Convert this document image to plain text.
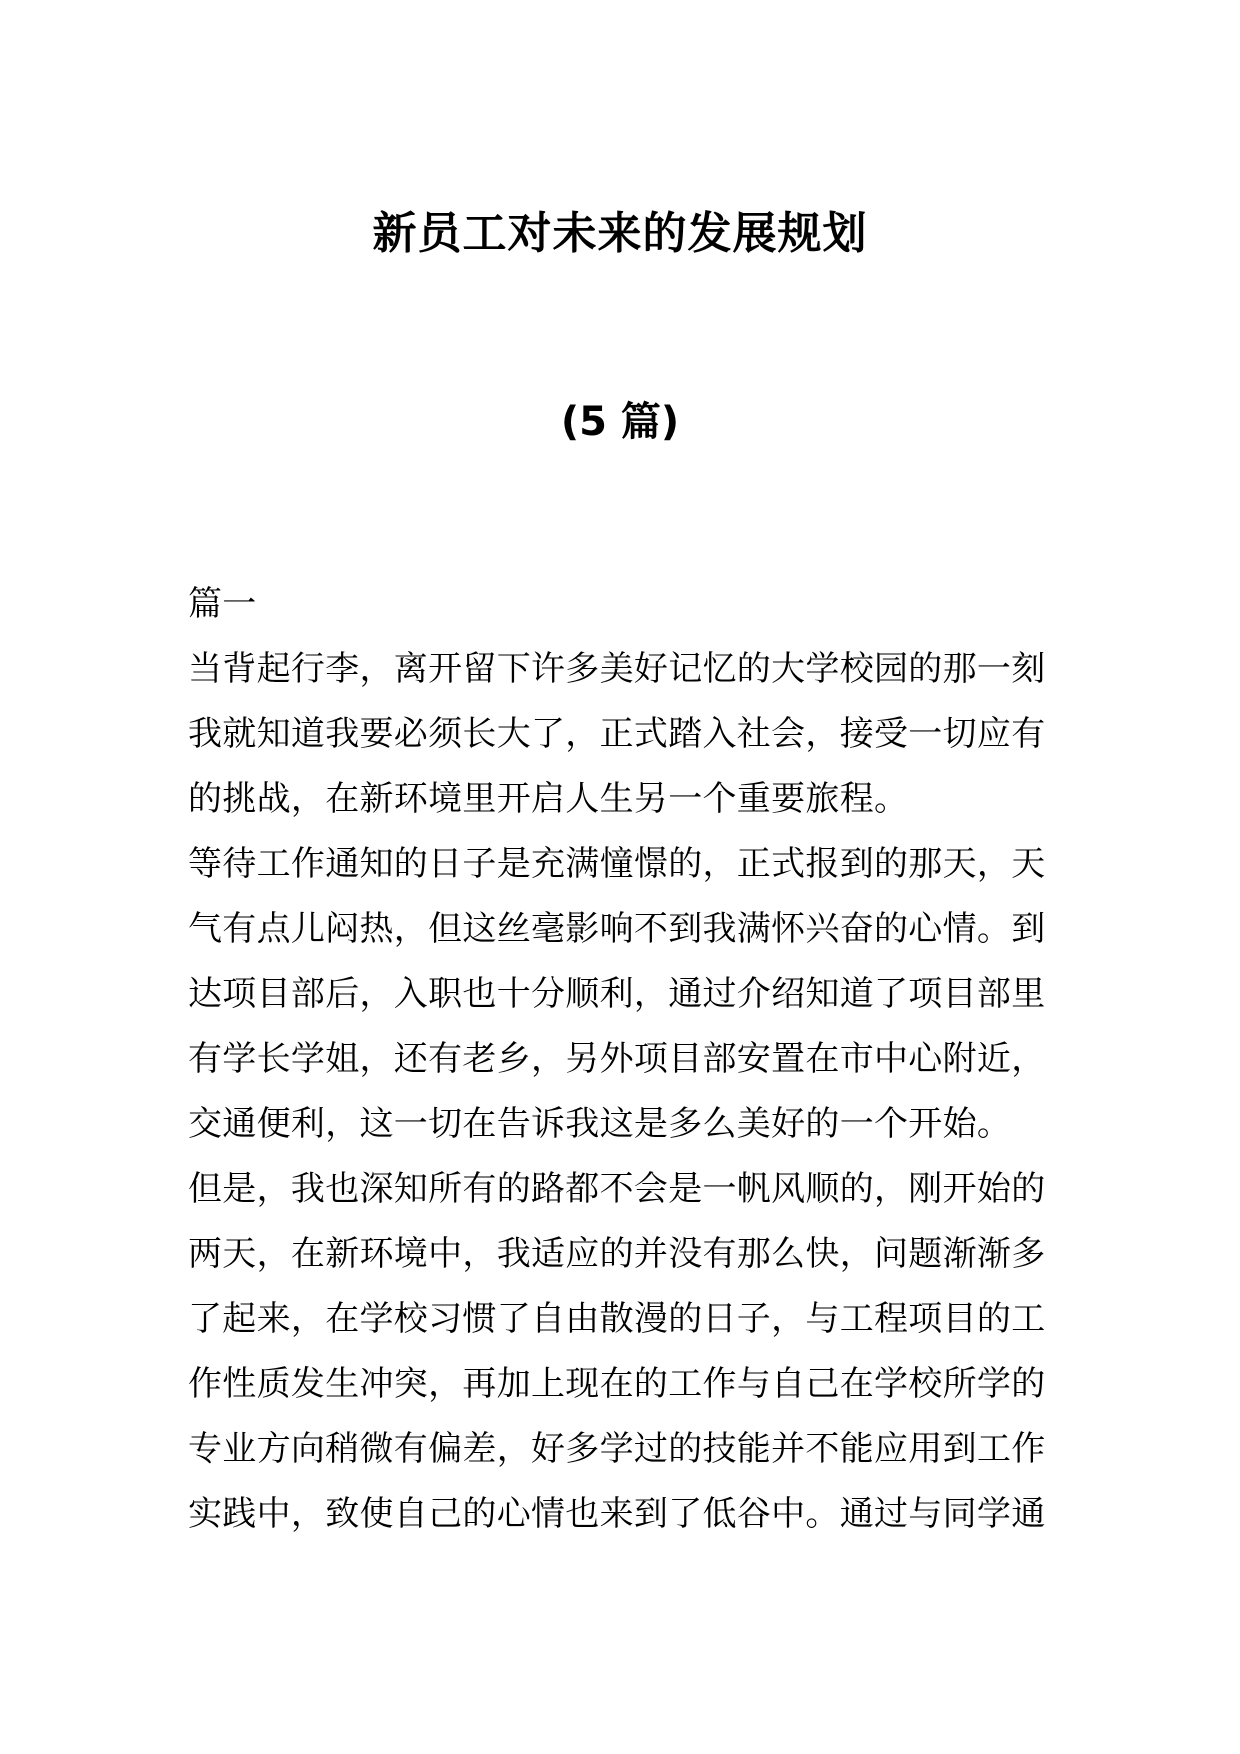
新员工对未来的发展规划
(5 篇)
篇一
当背起行李，离开留下许多美好记忆的大学校园的那一刻
我就知道我要必须长大了，正式踏入社会，接受一切应有
的挑战，在新环境里开启人生另一个重要旅程。
等待工作通知的日子是充满憧憬的，正式报到的那天，天
气有点儿闷热，但这丝毫影响不到我满怀兴奋的心情。到
达项目部后，入职也十分顺利，通过介绍知道了项目部里
有学长学姐，还有老乡，另外项目部安置在市中心附近，
交通便利，这一切在告诉我这是多么美好的一个开始。
但是，我也深知所有的路都不会是一帆风顺的，刚开始的
两天，在新环境中，我适应的并没有那么快，问题渐渐多
了起来，在学校习惯了自由散漫的日子，与工程项目的工
作性质发生冲突，再加上现在的工作与自己在学校所学的
专业方向稍微有偏差，好多学过的技能并不能应用到工作
实践中，致使自己的心情也来到了低谷中。通过与同学通
